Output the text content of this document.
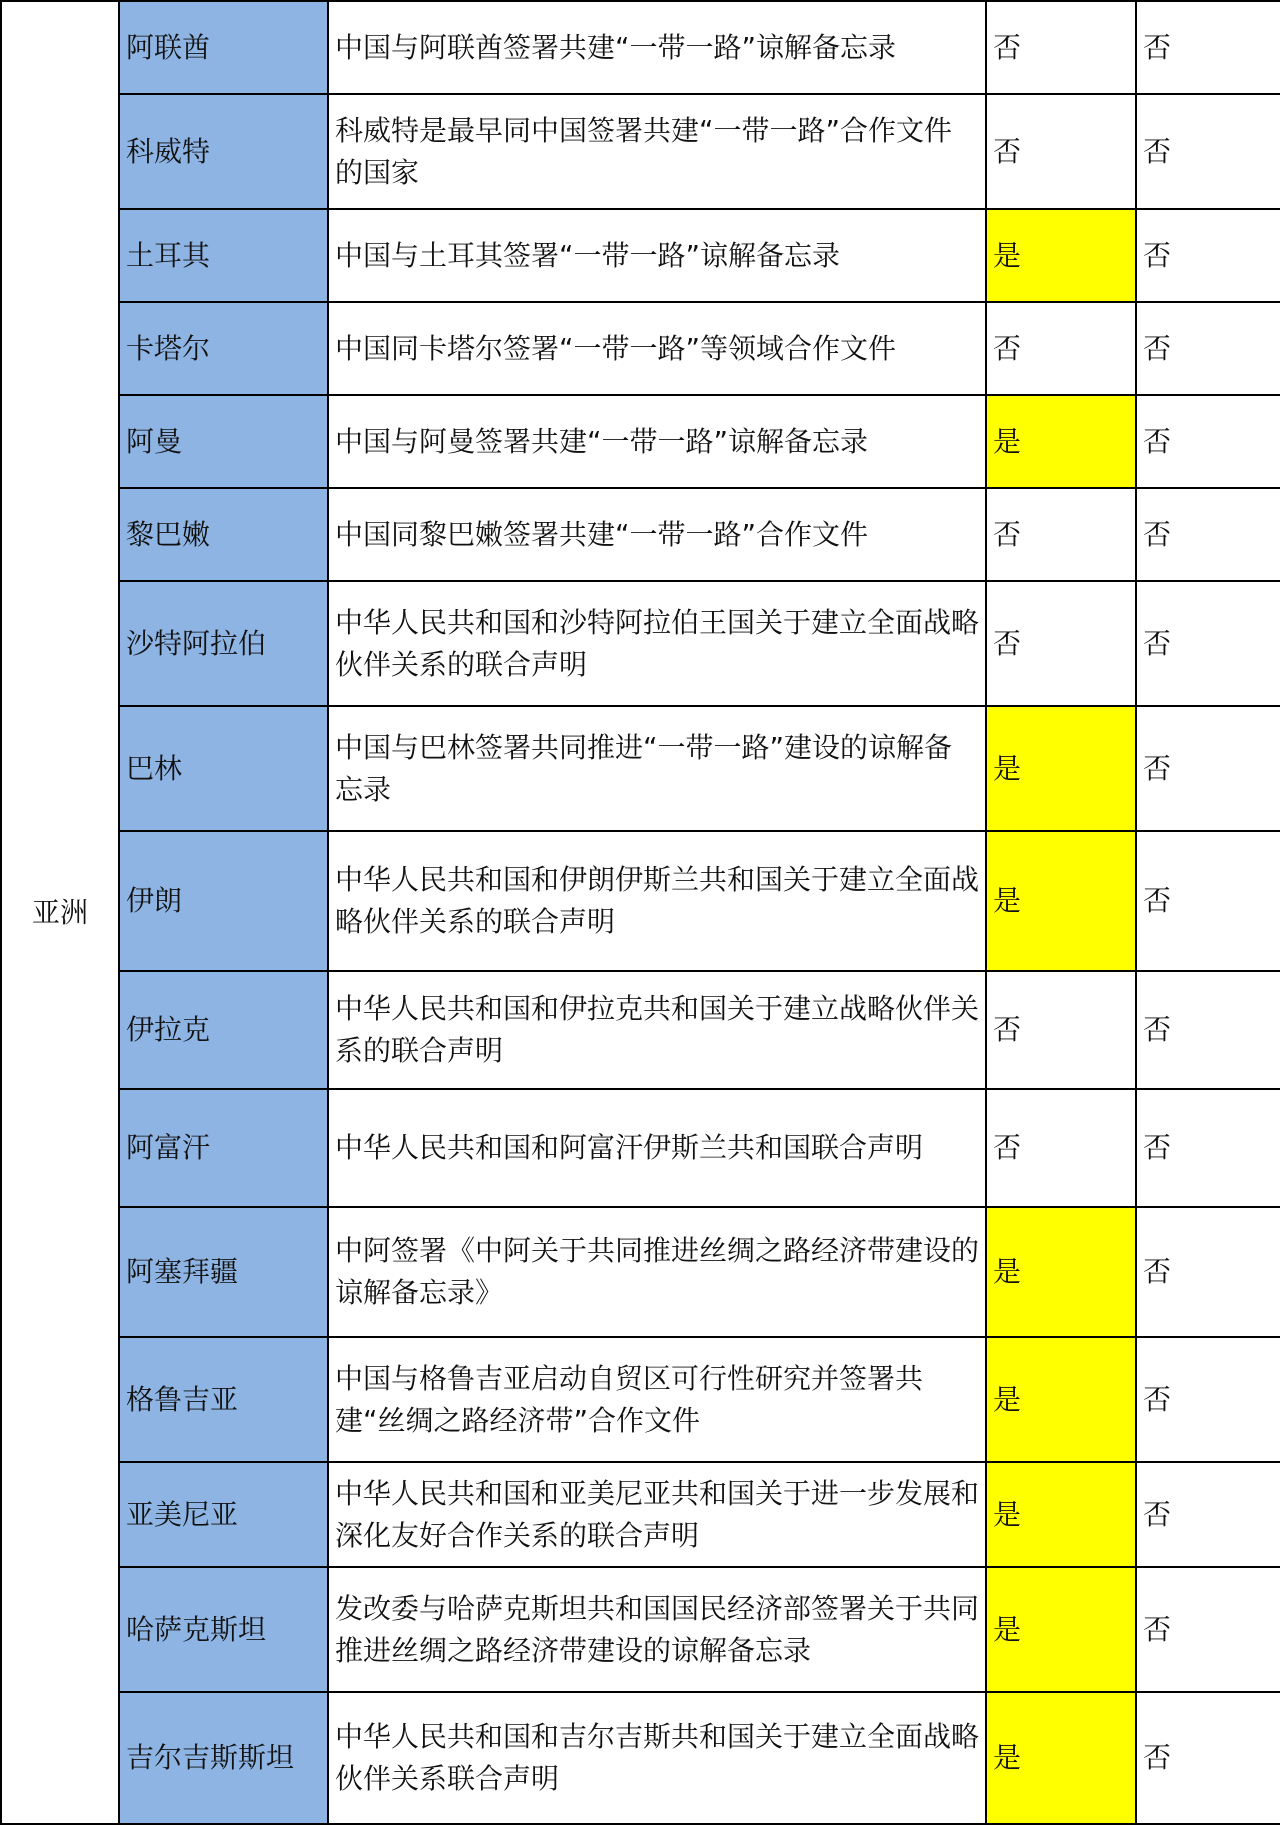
亚洲	阿联酋	中国与阿联酋签署共建“一带一路”谅解备忘录	否	否
	科威特	科威特是最早同中国签署共建“一带一路”合作文件的国家	否	否
	土耳其	中国与土耳其签署“一带一路”谅解备忘录	是	否
	卡塔尔	中国同卡塔尔签署“一带一路”等领域合作文件	否	否
	阿曼	中国与阿曼签署共建“一带一路”谅解备忘录	是	否
	黎巴嫩	中国同黎巴嫩签署共建“一带一路”合作文件	否	否
	沙特阿拉伯	中华人民共和国和沙特阿拉伯王国关于建立全面战略伙伴关系的联合声明	否	否
	巴林	中国与巴林签署共同推进“一带一路”建设的谅解备忘录	是	否
	伊朗	中华人民共和国和伊朗伊斯兰共和国关于建立全面战略伙伴关系的联合声明	是	否
	伊拉克	中华人民共和国和伊拉克共和国关于建立战略伙伴关系的联合声明	否	否
	阿富汗	中华人民共和国和阿富汗伊斯兰共和国联合声明	否	否
	阿塞拜疆	中阿签署《中阿关于共同推进丝绸之路经济带建设的谅解备忘录》	是	否
	格鲁吉亚	中国与格鲁吉亚启动自贸区可行性研究并签署共建“丝绸之路经济带”合作文件	是	否
	亚美尼亚	中华人民共和国和亚美尼亚共和国关于进一步发展和深化友好合作关系的联合声明	是	否
	哈萨克斯坦	发改委与哈萨克斯坦共和国国民经济部签署关于共同推进丝绸之路经济带建设的谅解备忘录	是	否
	吉尔吉斯斯坦	中华人民共和国和吉尔吉斯共和国关于建立全面战略伙伴关系联合声明	是	否
